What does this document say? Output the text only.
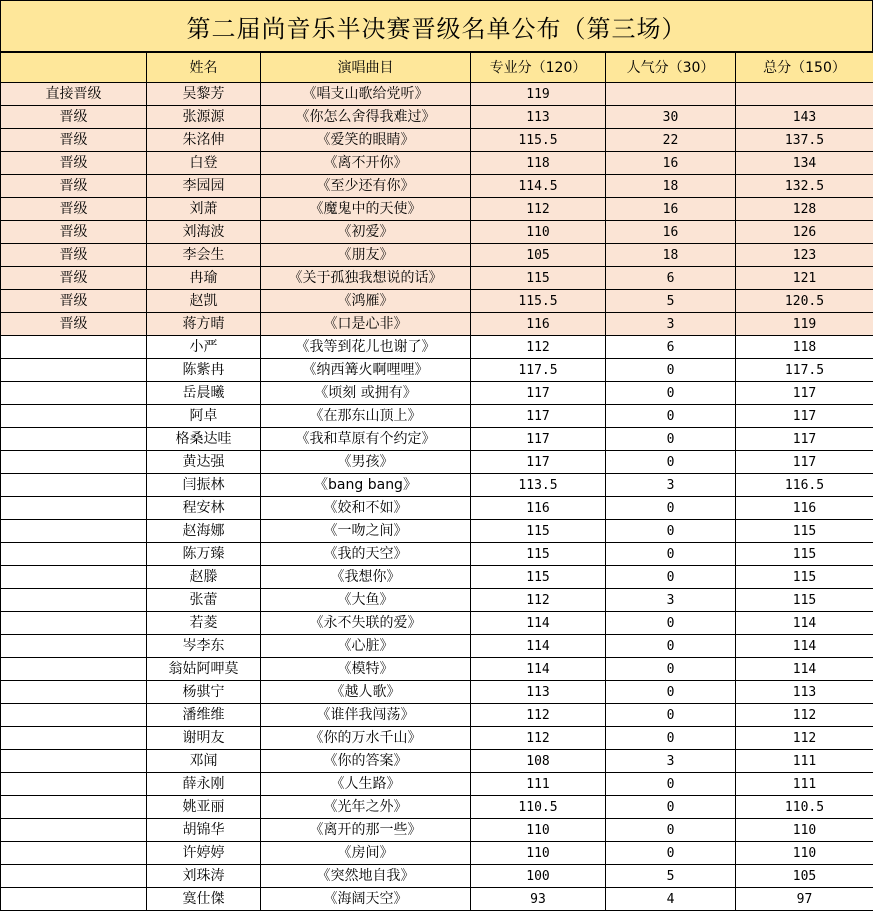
第二届尚音乐半决赛晋级名单公布（第三场）
	姓名	演唱曲目	专业分（120）	人气分（30）	总分（150）
直接晋级	吴黎芳	《唱支山歌给党听》	119		
晋级	张源源	《你怎么舍得我难过》	113	30	143
晋级	朱洺伸	《爱笑的眼睛》	115.5	22	137.5
晋级	白登	《离不开你》	118	16	134
晋级	李园园	《至少还有你》	114.5	18	132.5
晋级	刘萧	《魔鬼中的天使》	112	16	128
晋级	刘海波	《初爱》	110	16	126
晋级	李会生	《朋友》	105	18	123
晋级	冉瑜	《关于孤独我想说的话》	115	6	121
晋级	赵凯	《鸿雁》	115.5	5	120.5
晋级	蒋方晴	《口是心非》	116	3	119
	小严	《我等到花儿也谢了》	112	6	118
	陈紫冉	《纳西篝火啊哩哩》	117.5	0	117.5
	岳晨曦	《顷刻 或拥有》	117	0	117
	阿卓	《在那东山顶上》	117	0	117
	格桑达哇	《我和草原有个约定》	117	0	117
	黄达强	《男孩》	117	0	117
	闫振林	《bang bang》	113.5	3	116.5
	程安林	《姣和不如》	116	0	116
	赵海娜	《一吻之间》	115	0	115
	陈万臻	《我的天空》	115	0	115
	赵滕	《我想你》	115	0	115
	张蕾	《大鱼》	112	3	115
	若菱	《永不失联的爱》	114	0	114
	岑李东	《心脏》	114	0	114
	翁姑阿呷莫	《模特》	114	0	114
	杨骐宁	《越人歌》	113	0	113
	潘维维	《谁伴我闯荡》	112	0	112
	谢明友	《你的万水千山》	112	0	112
	邓闻	《你的答案》	108	3	111
	薛永刚	《人生路》	111	0	111
	姚亚丽	《光年之外》	110.5	0	110.5
	胡锦华	《离开的那一些》	110	0	110
	许婷婷	《房间》	110	0	110
	刘珠涛	《突然地自我》	100	5	105
	寞仕傑	《海阔天空》	93	4	97
